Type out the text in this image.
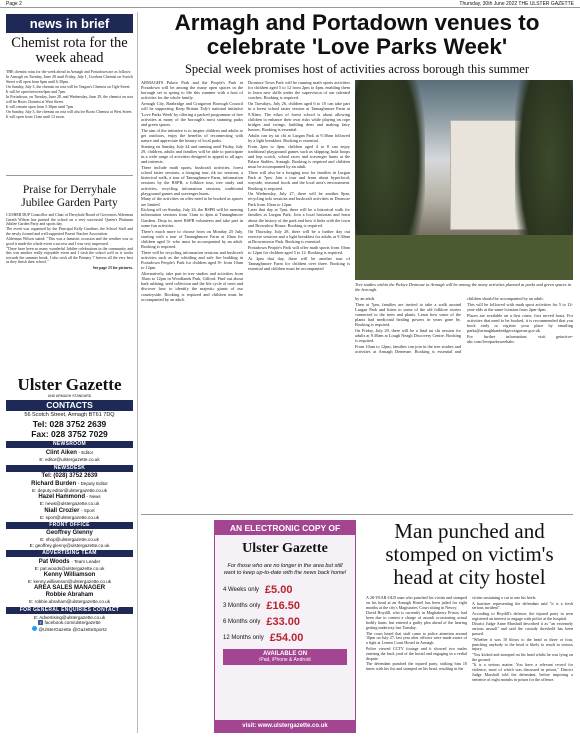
Page 2	Thursday, 30th June 2022 THE ULSTER GAZETTE
news in brief
Chemist rota for the week ahead

THE chemist rotas for the week ahead in Armagh and Portadown are as follows:

In Armagh on Tuesday, June 28 until Friday, July 1, Gordons Chemist on Scotch Street will open from 6pm until 6.30pm.

On Sunday, July 3, the chemist on rota will be Teagan's Chemist on Ogle Street.

It will be open between 6pm and 7pm.

In Portadown, on Tuesday, June 28, and Wednesday, June 29, the chemist on rota will be Boots Chemist at West Street.

It will remain open from 5.30pm until 7pm.

On Sunday, July 3, the chemist on rota will also be Boots Chemist at West Street.

It will open from 11am until 12 noon.

Praise for Derryhale Jubilee Garden Party

CUSHER DUP Councillor and Chair of Derryhale Board of Governors Alderman Gareth Wilson has praised the school on a very successful Queen's Platinum Jubilee Garden Party and sports day.

The event was organised by the Principal Kelly Gardiner, the School Staff and the newly formed and well supported Parent Teacher Association.

Alderman Wilson stated: "This was a fantastic occasion and the weather was so good it made the whole event a success and I was very impressed.

"There have been so many wonderful Jubilee celebrations in the community and this was another really enjoyable event and I wish the school well as it works towards the summer break. I also wish all the Primary 7 leavers all the very best as they finish their school."

See page 23 for pictures.

Ulster Gazette
AND ARMAGH STANDARD
CONTACTS
56 Scotch Street, Armagh BT61 7DQ
Tel: 028 3752 2639
Fax: 028 3752 7029
NEWSROOM
Clint Aiken - Editor
E: editor@ulstergazette.co.uk
NEWSDESK
Tel: (028) 3752 2639
Richard Burden - Deputy Editor
E: deputy.editor@ulstergazette.co.uk
Hazel Hammond - News
E: news@ulstergazette.co.uk
Niall Crozier - Sport
E: sport@ulstergazette.co.uk
FRONT OFFICE
Geoffrey Glenny
E: shop@ulstergazette.co.uk
E: geoffrey.glenny@ulstergazette.co.uk
ADVERTISING TEAM
Pat Woods - Team Leader
E: pat.woods@ulstergazette.co.uk
Kenny Williamson
E: kenny.williamson@ulstergazette.co.uk
AREA SALES MANAGER
Robbie Abraham
E: robbie.abraham@ulstergazette.co.uk
FOR GENERAL ENQUIRIES CONTACT
E: Advertising@ulstergazette.co.uk
f facebook.com/ulstergazette
@UlsterGazette @GazetteSport2
Armagh and Portadown venues to celebrate 'Love Parks Week'
Special week promises host of activities across borough this summer

ARMAGH'S Palace Park and the People's Park in Portadown will be among the many open spaces in the borough set to spring to life this summer with a host of activities for the whole family.

Armagh City, Banbridge and Craigavon Borough Council will be supporting Keep Britain Tidy's national initiative 'Love Parks Week' by offering a packed programme of free activities at many of the borough's most stunning parks and green spaces.

The aim of the initiative is to inspire children and adults to get outdoors, enjoy the benefits of reconnecting with nature and appreciate the beauty of local parks.

Starting on Sunday, July 24 and running until Friday, July 29, children, adults and families will be able to participate in a wide range of activities designed to appeal to all ages and interests.

These include math sports, bushcraft activities, forest school taster sessions, a foraging tour, tik tac sessions, a historical walk, a tour of Tannaghmore Farm, information sessions by the RSPB, a folklore tour, tree study and activities, recycling information sessions, traditional playground games and scavenger hunts.

Many of the activities on offer need to be booked as spaces are limited.

Kicking off on Sunday, July 24, the RSPB will be running information sessions from 11am to 4pm at Tannaghmore Gardens. Drop in, meet RSPB volunteers and take part in some fun activities.

There's much more to choose from on Monday 25 July, starting with a tour of Tannaghmore Farm at 10am for children aged 3+ who must be accompanied by an adult. Booking is required.

There will be recycling information sessions and bushcraft activities such as the whittling and safe fire building in Portadown People's Park for children aged 8+ from 10am to 12pm.

Alternatively, take part in tree studies and activities from 10am to 12pm in Woodlands Park, Gilford. Find out about bark rubbing, seed collection and the life cycle of trees and discover how to identify the majestic giants of our countryside. Booking is required and children must be accompanied by an adult.

Dromore Town Park will be running math sports activities for children aged 5 to 12 from 2pm to 4pm, enabling them to learn new skills under the supervision of our talented coaches. Booking is required.

On Tuesdays, July 26, children aged 6 to 10 can take part in a forest school taster session at Tannaghmore Farm at 9.30am. The ethos of forest school is about allowing children to enhance their own risks while playing on rope bridges and swings, building dens and making fairy houses. Booking is essential.

Adults can try tai chi at Lurgan Park at 9.30am followed by a light breakfast. Booking is essential.

From 2pm to 4pm, children aged 4 to 8 can enjoy traditional playground games such as skipping, hula hoops and hop scotch, school races and scavenger hunts at the Palace Stables, Armagh. Booking is required and children must be accompanied by an adult.

There will also be a foraging tour for families in Lurgan Park at 7pm. Join a tour and learn about hyperlocal, wayside, seasonal foods and the local area's environment. Booking is required.

On Wednesday, July 27, there will be another 8pm, recycling info sessions and bushcraft activities in Dromore Park from 10am to 12pm.

Later that day at 7pm, there will be a historical walk for families at Lurgan Park. Join a local historian and learn about the history of the park and how it links with the town and Brownlow House. Booking is required.

On Thursday, July 28, there will be a further day out exercise sessions and a light breakfast for adults at 9.30am at Brownstown Park. Booking is essential.

Portadown People's Park will offer math sports from 10am to 12pm for children aged 5 to 12. Booking is required.

At 2pm that day, there will be another tour of Tannaghmore Farm for children over three. Booking is essential and children must be accompanied

Tree studies within the Palace Demesne in Armagh will be among the many activities planned at parks and green spaces in the borough.

by an adult.

Then at 7pm, families are invited to take a walk around Lurgan Park and listen to some of the old folklore stories connected to the trees and plants. Learn how some of the plants had medicinal healing powers in years gone by. Booking is required.

On Friday, July 29, there will be a final tai chi session for adults at 9.30am at Lough Neagh Discovery Centre. Booking is required.

From 10am to 12pm, families can join in the tree studies and activities at Armagh Demesne. Booking is essential and children should be accompanied by an adult.

This will be followed with math sport activities for 5 to 12-year-olds at the same location from 2pm-4pm.

Places are available on a first come, first served basis. For activities that need to be booked, it is recommended that you book early to register your place by emailing parks@armaghbanbridgecraigavon.gov.uk

For further information, visit getactive-abc.com/loveparksweekabc

AN ELECTRONIC COPY OF
Ulster Gazette
For those who are no longer in the area but still want to keep up-to-date with the news back home!
4 Weeks only £5.00
3 Months only £16.50
6 Months only £33.00
12 Months only £54.00
AVAILABLE ON
iPad, iPhone & Android
visit: www.ulstergazette.co.uk
Man punched and stomped on victim's head at city hostel

A 28-YEAR-OLD man who punched his victim and stomped on his head at an Armagh Hostel has been jailed for eight months at the city's Magistrates' Court sitting in Newry.

David Hoydill, who is currently in Maghaberry Prison, had been due to contest a charge of assault occasioning actual bodily harm, but entered a guilty plea ahead of the hearing getting underway last Tuesday.

The court heard that staff came to police attention around 10pm on July 27, last year after officers were made aware of a fight at Lenten Court Hostel in Armagh.

Police viewed CCTV footage and it showed two males entering the back yard of the hostel and engaging in a verbal dispute.

The defendant punched the injured party, striking him 10 times with his fist and stomped on his head, resulting in the

victim sustaining a cut to one his heels.

A barrister representing the defendant said "it is a fresh serious incident".

According to Hoydill's defence, the injured party in seen registered an interest to engage with police at the hospital.

District Judge Anne Marshall described it as "an extremely serious assault" and said the custody threshold has been passed.

"Whether it was 10 blows to the head or three or four, punching anybody to the head is likely to result in serious injury.

"You kicked and stomped on his head whilst he was lying on the ground.

"It is a serious matter. You have a relevant record for violence, most of which was discussed in prison," District Judge Marshall told the defendant, before imposing a sentence of eight months in prison for the offence.
